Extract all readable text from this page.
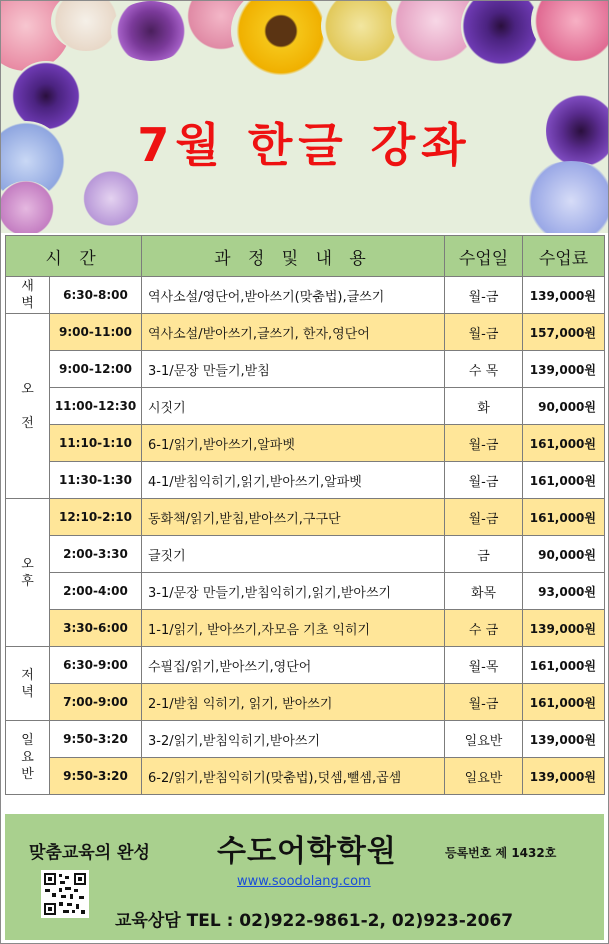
7월 한글 강좌
시 간		과 정 및 내 용	수업일	수업료
새
벽	6:30-8:00	역사소설/영단어,받아쓰기(맞춤법),글쓰기	월-금	139,000원
오

전	9:00-11:00	역사소설/받아쓰기,글쓰기, 한자,영단어	월-금	157,000원
	9:00-12:00	3-1/문장 만들기,받침	수 목	139,000원
	11:00-12:30	시짓기	화	90,000원
	11:10-1:10	6-1/읽기,받아쓰기,알파벳	월-금	161,000원
	11:30-1:30	4-1/받침익히기,읽기,받아쓰기,알파벳	월-금	161,000원
오
후	12:10-2:10	동화책/읽기,받침,받아쓰기,구구단	월-금	161,000원
	2:00-3:30	글짓기	금	90,000원
	2:00-4:00	3-1/문장 만들기,받침익히기,읽기,받아쓰기	화목	93,000원
	3:30-6:00	1-1/읽기, 받아쓰기,자모음 기초 익히기	수 금	139,000원
저
녁	6:30-9:00	수필집/읽기,받아쓰기,영단어	월-목	161,000원
	7:00-9:00	2-1/받침 익히기, 읽기, 받아쓰기	월-금	161,000원
일
요
반	9:50-3:20	3-2/읽기,받침익히기,받아쓰기	일요반	139,000원
	9:50-3:20	6-2/읽기,받침익히기(맞춤법),덧셈,뺄셈,곱셈	일요반	139,000원
맞춤교육의 완성 수도어학학원	등록번호 제 1432호
www.soodolang.com
교육상담 TEL : 02)922-9861-2, 02)923-2067
